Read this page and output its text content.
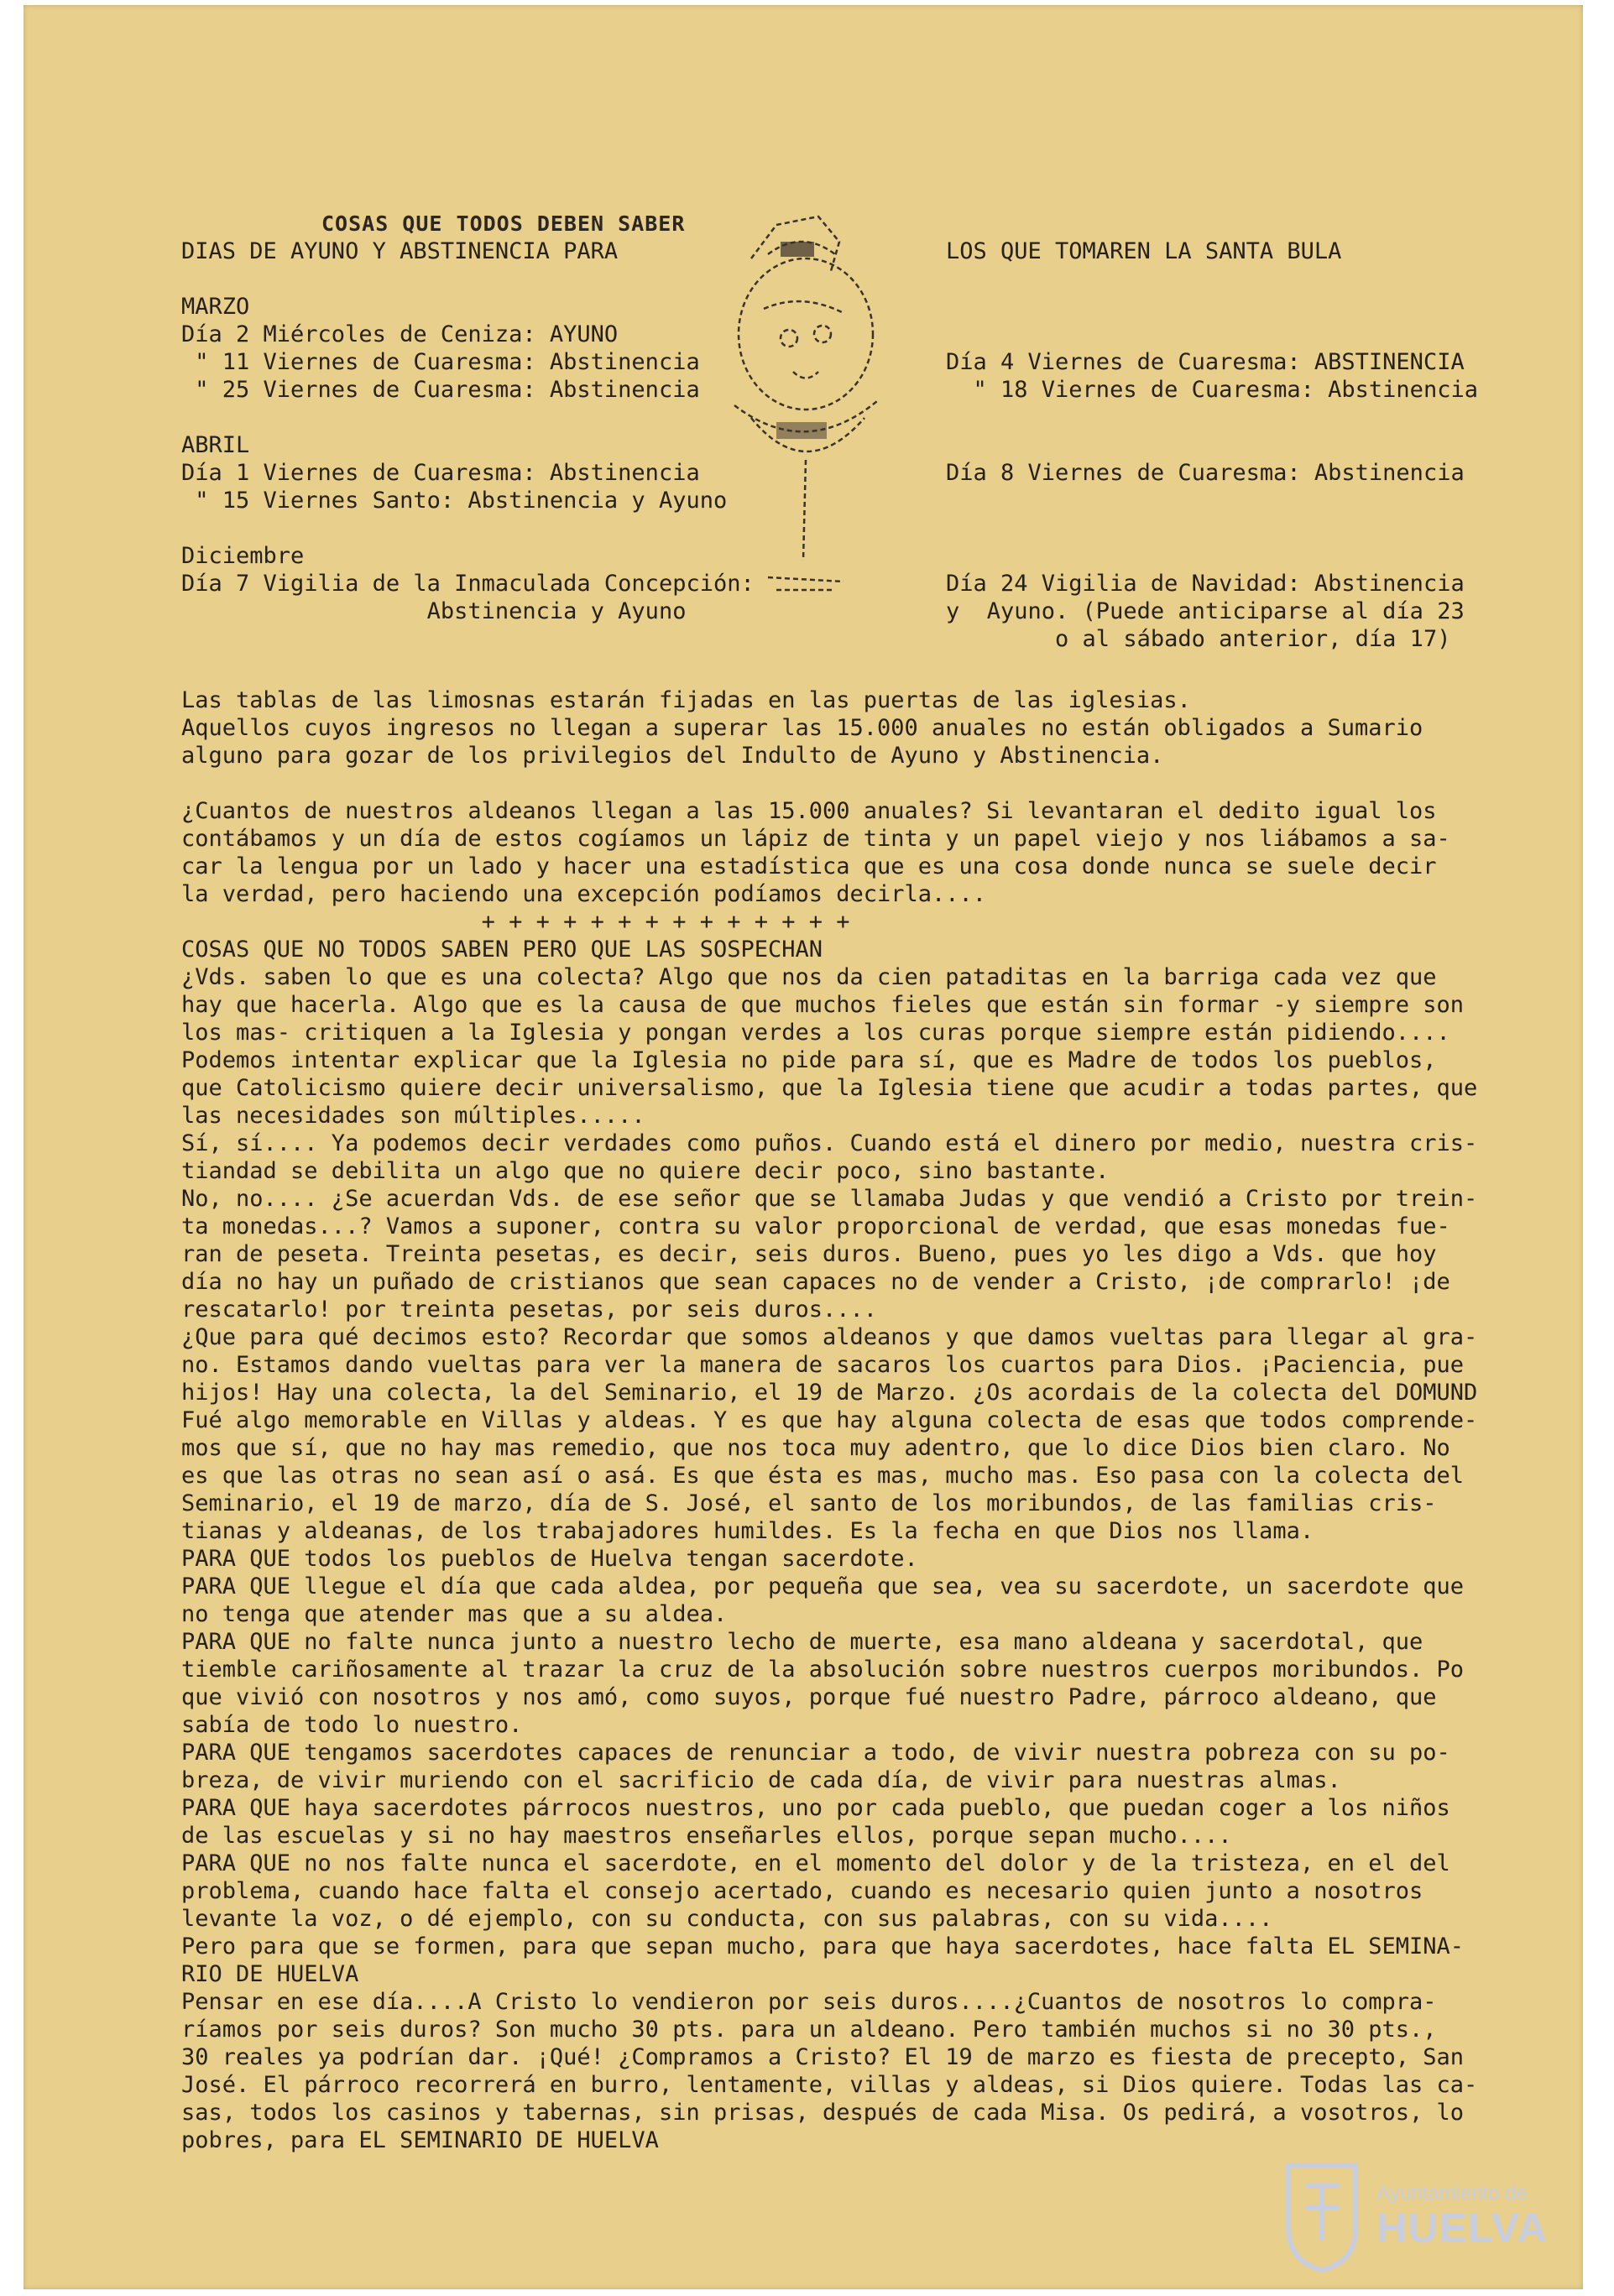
COSAS QUE TODOS DEBEN SABER
DIAS DE AYUNO Y ABSTINENCIA PARA	LOS QUE TOMAREN LA SANTA BULA
MARZO
Día 2 Miércoles de Ceniza: AYUNO
" 11 Viernes de Cuaresma: Abstinencia
" 25 Viernes de Cuaresma: Abstinencia
ABRIL
Día 1 Viernes de Cuaresma: Abstinencia
" 15 Viernes Santo: Abstinencia y Ayuno
Diciembre
Día 7 Vigilia de la Inmaculada Concepción:
Abstinencia y Ayuno
Día 4 Viernes de Cuaresma: ABSTINENCIA
" 18 Viernes de Cuaresma: Abstinencia
Día 8 Viernes de Cuaresma: Abstinencia
Día 24 Vigilia de Navidad: Abstinencia
y  Ayuno. (Puede anticiparse al día 23
o al sábado anterior, día 17)
Las tablas de las limosnas estarán fijadas en las puertas de las iglesias.
Aquellos cuyos ingresos no llegan a superar las 15.000 anuales no están obligados a Sumario
alguno para gozar de los privilegios del Indulto de Ayuno y Abstinencia.
¿Cuantos de nuestros aldeanos llegan a las 15.000 anuales? Si levantaran el dedito igual los
contábamos y un día de estos cogíamos un lápiz de tinta y un papel viejo y nos liábamos a sa-
car la lengua por un lado y hacer una estadística que es una cosa donde nunca se suele decir
la verdad, pero haciendo una excepción podíamos decirla....
+ + + + + + + + + + + + + +
COSAS QUE NO TODOS SABEN PERO QUE LAS SOSPECHAN
¿Vds. saben lo que es una colecta? Algo que nos da cien pataditas en la barriga cada vez que
hay que hacerla. Algo que es la causa de que muchos fieles que están sin formar -y siempre son
los mas- critiquen a la Iglesia y pongan verdes a los curas porque siempre están pidiendo....
Podemos intentar explicar que la Iglesia no pide para sí, que es Madre de todos los pueblos,
que Catolicismo quiere decir universalismo, que la Iglesia tiene que acudir a todas partes, que
las necesidades son múltiples.....
Sí, sí.... Ya podemos decir verdades como puños. Cuando está el dinero por medio, nuestra cris-
tiandad se debilita un algo que no quiere decir poco, sino bastante.
No, no.... ¿Se acuerdan Vds. de ese señor que se llamaba Judas y que vendió a Cristo por trein-
ta monedas...? Vamos a suponer, contra su valor proporcional de verdad, que esas monedas fue-
ran de peseta. Treinta pesetas, es decir, seis duros. Bueno, pues yo les digo a Vds. que hoy
día no hay un puñado de cristianos que sean capaces no de vender a Cristo, ¡de comprarlo! ¡de
rescatarlo! por treinta pesetas, por seis duros....
¿Que para qué decimos esto? Recordar que somos aldeanos y que damos vueltas para llegar al gra-
no. Estamos dando vueltas para ver la manera de sacaros los cuartos para Dios. ¡Paciencia, pue
hijos! Hay una colecta, la del Seminario, el 19 de Marzo. ¿Os acordais de la colecta del DOMUND
Fué algo memorable en Villas y aldeas. Y es que hay alguna colecta de esas que todos comprende-
mos que sí, que no hay mas remedio, que nos toca muy adentro, que lo dice Dios bien claro. No
es que las otras no sean así o asá. Es que ésta es mas, mucho mas. Eso pasa con la colecta del
Seminario, el 19 de marzo, día de S. José, el santo de los moribundos, de las familias cris-
tianas y aldeanas, de los trabajadores humildes. Es la fecha en que Dios nos llama.
PARA QUE todos los pueblos de Huelva tengan sacerdote.
PARA QUE llegue el día que cada aldea, por pequeña que sea, vea su sacerdote, un sacerdote que
no tenga que atender mas que a su aldea.
PARA QUE no falte nunca junto a nuestro lecho de muerte, esa mano aldeana y sacerdotal, que
tiemble cariñosamente al trazar la cruz de la absolución sobre nuestros cuerpos moribundos. Po
que vivió con nosotros y nos amó, como suyos, porque fué nuestro Padre, párroco aldeano, que
sabía de todo lo nuestro.
PARA QUE tengamos sacerdotes capaces de renunciar a todo, de vivir nuestra pobreza con su po-
breza, de vivir muriendo con el sacrificio de cada día, de vivir para nuestras almas.
PARA QUE haya sacerdotes párrocos nuestros, uno por cada pueblo, que puedan coger a los niños
de las escuelas y si no hay maestros enseñarles ellos, porque sepan mucho....
PARA QUE no nos falte nunca el sacerdote, en el momento del dolor y de la tristeza, en el del
problema, cuando hace falta el consejo acertado, cuando es necesario quien junto a nosotros
levante la voz, o dé ejemplo, con su conducta, con sus palabras, con su vida....
Pero para que se formen, para que sepan mucho, para que haya sacerdotes, hace falta EL SEMINA-
RIO DE HUELVA
Pensar en ese día....A Cristo lo vendieron por seis duros....¿Cuantos de nosotros lo compra-
ríamos por seis duros? Son mucho 30 pts. para un aldeano. Pero también muchos si no 30 pts.,
30 reales ya podrían dar. ¡Qué! ¿Compramos a Cristo? El 19 de marzo es fiesta de precepto, San
José. El párroco recorrerá en burro, lentamente, villas y aldeas, si Dios quiere. Todas las ca-
sas, todos los casinos y tabernas, sin prisas, después de cada Misa. Os pedirá, a vosotros, lo
pobres, para EL SEMINARIO DE HUELVA
Ayuntamiento de
HUELVA
